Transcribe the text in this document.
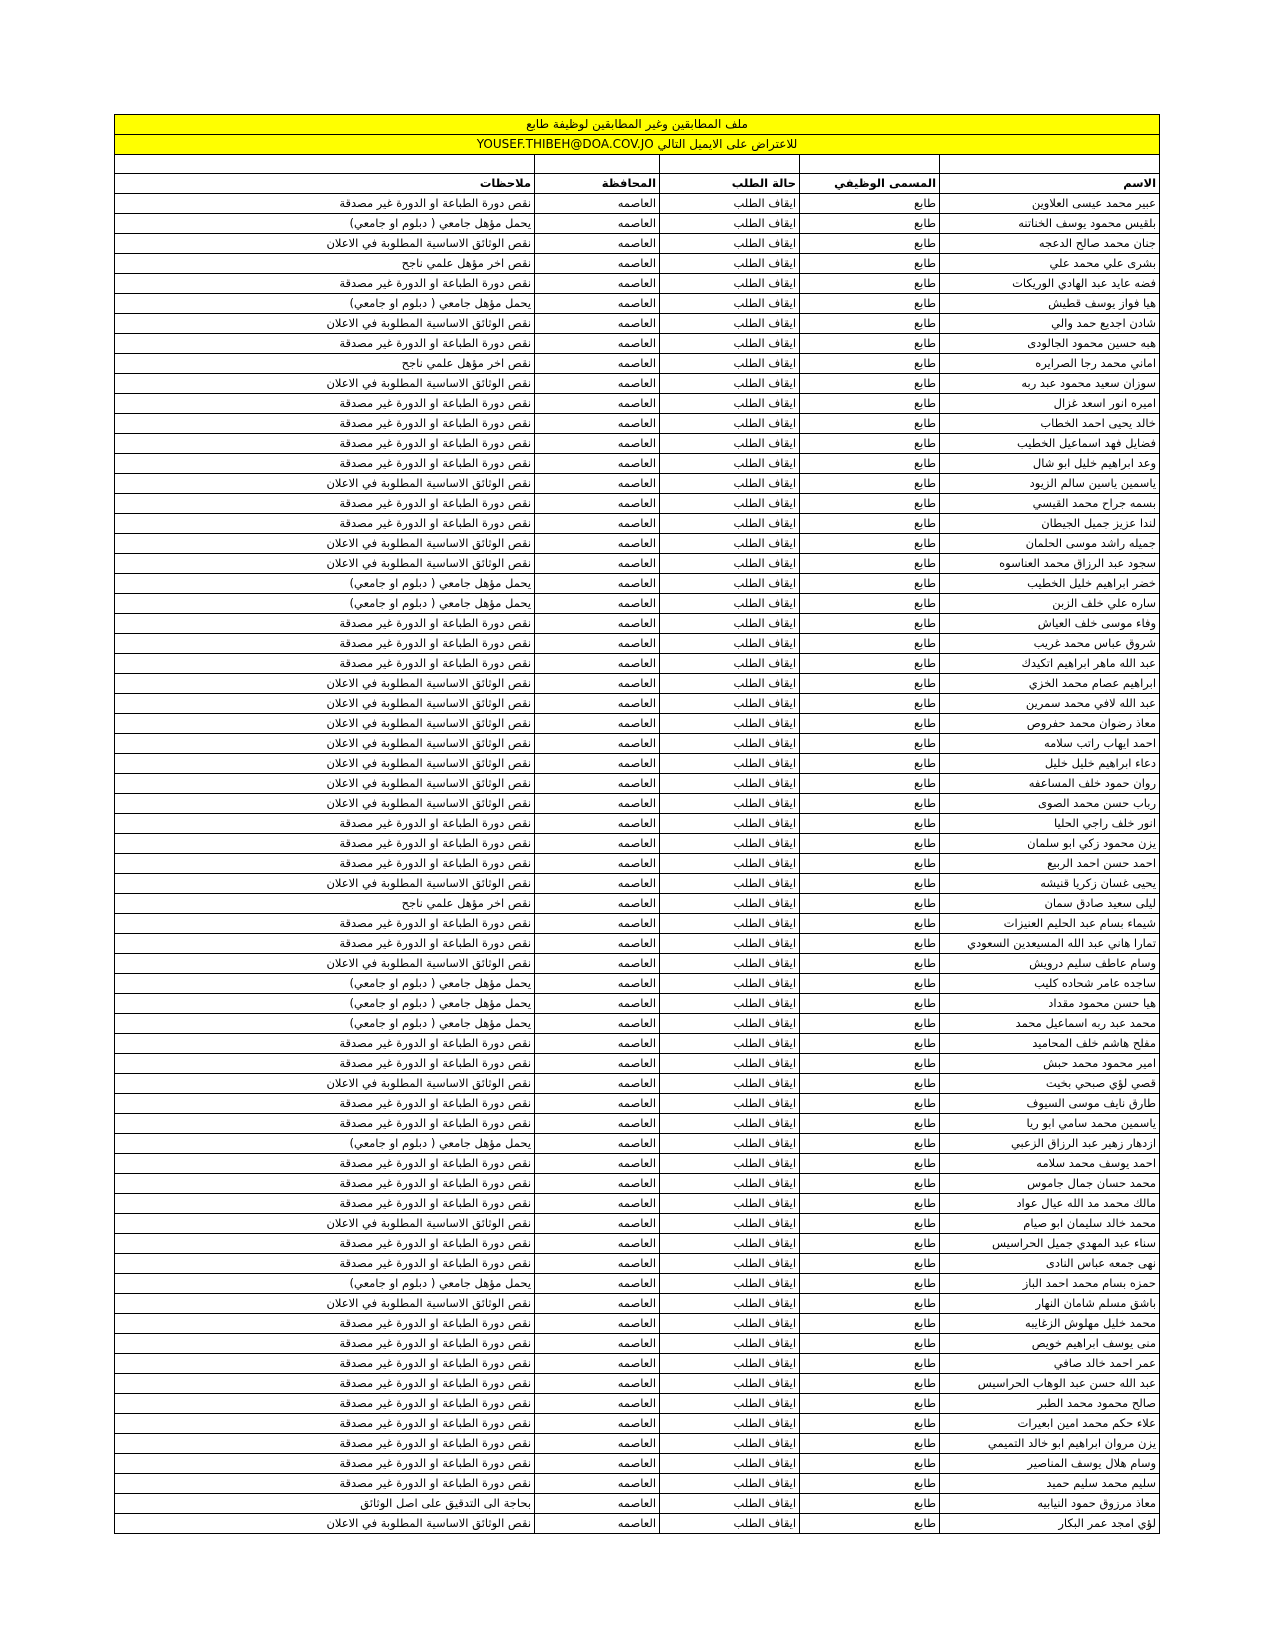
ملف المطابقين وغير المطابقين لوظيفة طابع				
للاعتراض على الايميل التالي YOUSEF.THIBEH@DOA.COV.JO				

الاسم	المسمى الوظيفي	حالة الطلب	المحافظة	ملاحظات
عبير محمد عيسى العلاوين	طابع	ايقاف الطلب	العاصمه	نقص دورة الطباعة او الدورة غير مصدقة
بلقيس محمود يوسف الخناتنه	طابع	ايقاف الطلب	العاصمه	يحمل مؤهل جامعي ( دبلوم او جامعي)
جنان محمد صالح الدعجه	طابع	ايقاف الطلب	العاصمه	نقص الوثائق الاساسية المطلوبة في الاعلان
بشرى علي محمد علي	طابع	ايقاف الطلب	العاصمه	نقص اخر مؤهل علمي ناجح
فضه عايد عبد الهادي الوريكات	طابع	ايقاف الطلب	العاصمه	نقص دورة الطباعة او الدورة غير مصدقة
هيا فواز يوسف قطيش	طابع	ايقاف الطلب	العاصمه	يحمل مؤهل جامعي ( دبلوم او جامعي)
شادن اجديع حمد والي	طابع	ايقاف الطلب	العاصمه	نقص الوثائق الاساسية المطلوبة في الاعلان
هبه حسين محمود الجالودى	طابع	ايقاف الطلب	العاصمه	نقص دورة الطباعة او الدورة غير مصدقة
اماني محمد رجا الصرايره	طابع	ايقاف الطلب	العاصمه	نقص اخر مؤهل علمي ناجح
سوزان سعيد محمود عبد ربه	طابع	ايقاف الطلب	العاصمه	نقص الوثائق الاساسية المطلوبة في الاعلان
اميره انور اسعد غزال	طابع	ايقاف الطلب	العاصمه	نقص دورة الطباعة او الدورة غير مصدقة
خالد يحيى احمد الخطاب	طابع	ايقاف الطلب	العاصمه	نقص دورة الطباعة او الدورة غير مصدقة
فضايل فهد اسماعيل الخطيب	طابع	ايقاف الطلب	العاصمه	نقص دورة الطباعة او الدورة غير مصدقة
وعد ابراهيم خليل ابو شال	طابع	ايقاف الطلب	العاصمه	نقص دورة الطباعة او الدورة غير مصدقة
ياسمين ياسين سالم الزيود	طابع	ايقاف الطلب	العاصمه	نقص الوثائق الاساسية المطلوبة في الاعلان
بسمه جراح محمد القيسي	طابع	ايقاف الطلب	العاصمه	نقص دورة الطباعة او الدورة غير مصدقة
لندا عزيز جميل الجيطان	طابع	ايقاف الطلب	العاصمه	نقص دورة الطباعة او الدورة غير مصدقة
جميله راشد موسى الحلمان	طابع	ايقاف الطلب	العاصمه	نقص الوثائق الاساسية المطلوبة في الاعلان
سجود عبد الرزاق محمد العناسوه	طابع	ايقاف الطلب	العاصمه	نقص الوثائق الاساسية المطلوبة في الاعلان
خضر ابراهيم خليل الخطيب	طابع	ايقاف الطلب	العاصمه	يحمل مؤهل جامعي ( دبلوم او جامعي)
ساره علي خلف الزبن	طابع	ايقاف الطلب	العاصمه	يحمل مؤهل جامعي ( دبلوم او جامعي)
وفاء موسى خلف العياش	طابع	ايقاف الطلب	العاصمه	نقص دورة الطباعة او الدورة غير مصدقة
شروق عباس محمد غريب	طابع	ايقاف الطلب	العاصمه	نقص دورة الطباعة او الدورة غير مصدقة
عبد الله ماهر ابراهيم اتكيدك	طابع	ايقاف الطلب	العاصمه	نقص دورة الطباعة او الدورة غير مصدقة
ابراهيم عصام محمد الخزي	طابع	ايقاف الطلب	العاصمه	نقص الوثائق الاساسية المطلوبة في الاعلان
عبد الله لافي محمد سمرين	طابع	ايقاف الطلب	العاصمه	نقص الوثائق الاساسية المطلوبة في الاعلان
معاذ رضوان محمد حفروص	طابع	ايقاف الطلب	العاصمه	نقص الوثائق الاساسية المطلوبة في الاعلان
احمد ايهاب راتب سلامه	طابع	ايقاف الطلب	العاصمه	نقص الوثائق الاساسية المطلوبة في الاعلان
دعاء ابراهيم خليل خليل	طابع	ايقاف الطلب	العاصمه	نقص الوثائق الاساسية المطلوبة في الاعلان
روان حمود خلف المساعفه	طابع	ايقاف الطلب	العاصمه	نقص الوثائق الاساسية المطلوبة في الاعلان
رباب حسن محمد الصوى	طابع	ايقاف الطلب	العاصمه	نقص الوثائق الاساسية المطلوبة في الاعلان
انور خلف راجي الحليا	طابع	ايقاف الطلب	العاصمه	نقص دورة الطباعة او الدورة غير مصدقة
يزن محمود زكي ابو سلمان	طابع	ايقاف الطلب	العاصمه	نقص دورة الطباعة او الدورة غير مصدقة
احمد حسن احمد الربيع	طابع	ايقاف الطلب	العاصمه	نقص دورة الطباعة او الدورة غير مصدقة
يحيى غسان زكريا قنيشه	طابع	ايقاف الطلب	العاصمه	نقص الوثائق الاساسية المطلوبة في الاعلان
ليلى سعيد صادق سمان	طابع	ايقاف الطلب	العاصمه	نقص اخر مؤهل علمي ناجح
شيماء بسام عبد الحليم العنيزات	طابع	ايقاف الطلب	العاصمه	نقص دورة الطباعة او الدورة غير مصدقة
تمارا هاني عبد الله المسيعدين السعودي	طابع	ايقاف الطلب	العاصمه	نقص دورة الطباعة او الدورة غير مصدقة
وسام عاطف سليم درويش	طابع	ايقاف الطلب	العاصمه	نقص الوثائق الاساسية المطلوبة في الاعلان
ساجده عامر شحاده كليب	طابع	ايقاف الطلب	العاصمه	يحمل مؤهل جامعي ( دبلوم او جامعي)
هيا حسن محمود مقداد	طابع	ايقاف الطلب	العاصمه	يحمل مؤهل جامعي ( دبلوم او جامعي)
محمد عبد ربه اسماعيل محمد	طابع	ايقاف الطلب	العاصمه	يحمل مؤهل جامعي ( دبلوم او جامعي)
مفلح هاشم خلف المحاميد	طابع	ايقاف الطلب	العاصمه	نقص دورة الطباعة او الدورة غير مصدقة
امير محمود محمد حبش	طابع	ايقاف الطلب	العاصمه	نقص دورة الطباعة او الدورة غير مصدقة
قصي لؤي صبحي بخيت	طابع	ايقاف الطلب	العاصمه	نقص الوثائق الاساسية المطلوبة في الاعلان
طارق نايف موسى السيوف	طابع	ايقاف الطلب	العاصمه	نقص دورة الطباعة او الدورة غير مصدقة
ياسمين محمد سامي ابو ريا	طابع	ايقاف الطلب	العاصمه	نقص دورة الطباعة او الدورة غير مصدقة
ازدهار زهير عبد الرزاق الزعبي	طابع	ايقاف الطلب	العاصمه	يحمل مؤهل جامعي ( دبلوم او جامعي)
احمد يوسف محمد سلامه	طابع	ايقاف الطلب	العاصمه	نقص دورة الطباعة او الدورة غير مصدقة
محمد حسان جمال جاموس	طابع	ايقاف الطلب	العاصمه	نقص دورة الطباعة او الدورة غير مصدقة
مالك محمد مد الله عيال عواد	طابع	ايقاف الطلب	العاصمه	نقص دورة الطباعة او الدورة غير مصدقة
محمد خالد سليمان ابو صيام	طابع	ايقاف الطلب	العاصمه	نقص الوثائق الاساسية المطلوبة في الاعلان
سناء عبد المهدي جميل الحراسيس	طابع	ايقاف الطلب	العاصمه	نقص دورة الطباعة او الدورة غير مصدقة
نهى جمعه عباس النادى	طابع	ايقاف الطلب	العاصمه	نقص دورة الطباعة او الدورة غير مصدقة
حمزه بسام محمد احمد الباز	طابع	ايقاف الطلب	العاصمه	يحمل مؤهل جامعي ( دبلوم او جامعي)
باشق مسلم شامان النهار	طابع	ايقاف الطلب	العاصمه	نقص الوثائق الاساسية المطلوبة في الاعلان
محمد خليل مهلوش الزغايبه	طابع	ايقاف الطلب	العاصمه	نقص دورة الطباعة او الدورة غير مصدقة
منى يوسف ابراهيم خويص	طابع	ايقاف الطلب	العاصمه	نقص دورة الطباعة او الدورة غير مصدقة
عمر احمد خالد صافي	طابع	ايقاف الطلب	العاصمه	نقص دورة الطباعة او الدورة غير مصدقة
عبد الله حسن عبد الوهاب الحراسيس	طابع	ايقاف الطلب	العاصمه	نقص دورة الطباعة او الدورة غير مصدقة
صالح محمود محمد الطبر	طابع	ايقاف الطلب	العاصمه	نقص دورة الطباعة او الدورة غير مصدقة
علاء حكم محمد امين ابعيرات	طابع	ايقاف الطلب	العاصمه	نقص دورة الطباعة او الدورة غير مصدقة
يزن مروان ابراهيم ابو خالد التميمي	طابع	ايقاف الطلب	العاصمه	نقص دورة الطباعة او الدورة غير مصدقة
وسام هلال يوسف المناصير	طابع	ايقاف الطلب	العاصمه	نقص دورة الطباعة او الدورة غير مصدقة
سليم محمد سليم حميد	طابع	ايقاف الطلب	العاصمه	نقص دورة الطباعة او الدورة غير مصدقة
معاذ مرزوق حمود النيابيه	طابع	ايقاف الطلب	العاصمه	بحاجة الى التدقيق على اصل الوثائق
لؤي امجد عمر البكار	طابع	ايقاف الطلب	العاصمه	نقص الوثائق الاساسية المطلوبة في الاعلان
